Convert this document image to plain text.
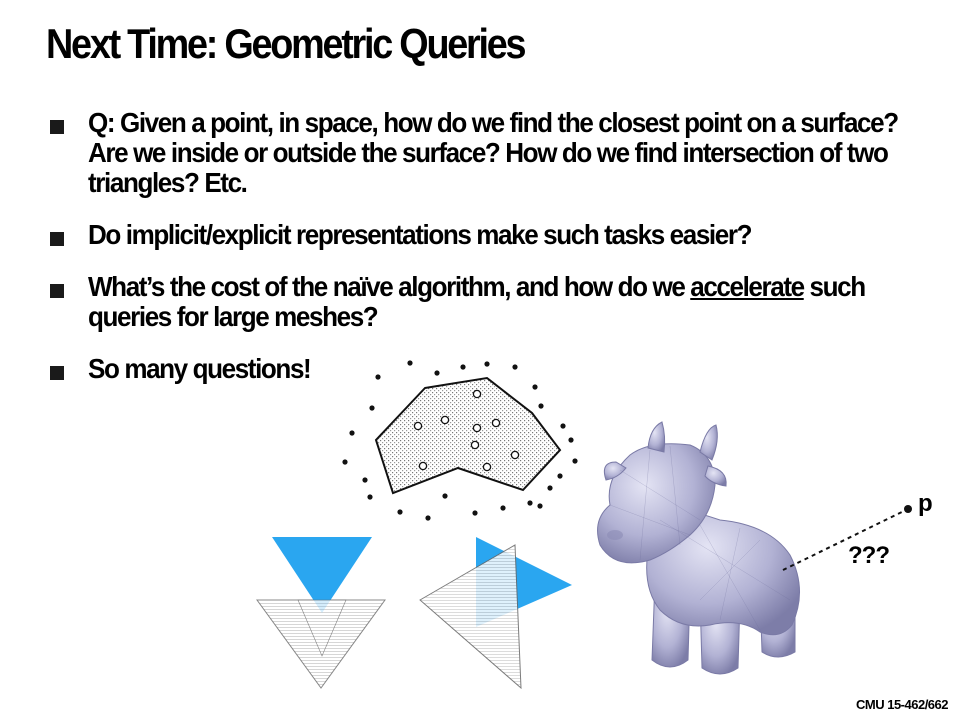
Next Time: Geometric Queries
Q: Given a point, in space, how do we find the closest point on a surface? Are we inside or outside the surface? How do we find intersection of two triangles? Etc.
Do implicit/explicit representations make such tasks easier?
What’s the cost of the naïve algorithm, and how do we accelerate such queries for large meshes?
So many questions!
p
???
CMU 15-462/662
